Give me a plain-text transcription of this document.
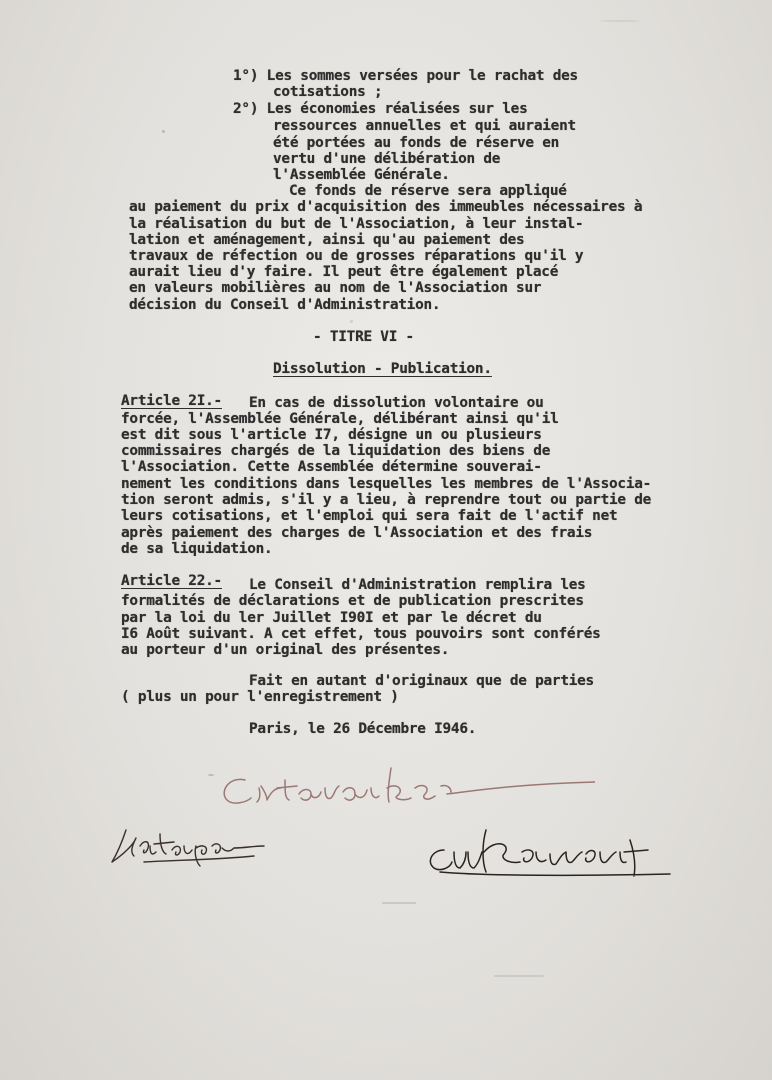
1°) Les sommes versées pour le rachat des
cotisations ;
2°) Les économies réalisées sur les
ressources annuelles et qui auraient
été portées au fonds de réserve en
vertu d'une délibération de
l'Assemblée Générale.
Ce fonds de réserve sera appliqué
au paiement du prix d'acquisition des immeubles nécessaires à
la réalisation du but de l'Association, à leur instal-
lation et aménagement, ainsi qu'au paiement des
travaux de réfection ou de grosses réparations qu'il y
aurait lieu d'y faire. Il peut être également placé
en valeurs mobilières au nom de l'Association sur
décision du Conseil d'Administration.
- TITRE VI -
Dissolution - Publication.
Article 2I.- En cas de dissolution volontaire ou
forcée, l'Assemblée Générale, délibérant ainsi qu'il
est dit sous l'article I7, désigne un ou plusieurs
commissaires chargés de la liquidation des biens de
l'Association. Cette Assemblée détermine souverai-
nement les conditions dans lesquelles les membres de l'Associa-
tion seront admis, s'il y a lieu, à reprendre tout ou partie de
leurs cotisations, et l'emploi qui sera fait de l'actif net
après paiement des charges de l'Association et des frais
de sa liquidation.
Article 22.- Le Conseil d'Administration remplira les
formalités de déclarations et de publication prescrites
par la loi du ler Juillet I90I et par le décret du
I6 Août suivant. A cet effet, tous pouvoirs sont conférés
au porteur d'un original des présentes.
Fait en autant d'originaux que de parties
( plus un pour l'enregistrement )
Paris, le 26 Décembre I946.
